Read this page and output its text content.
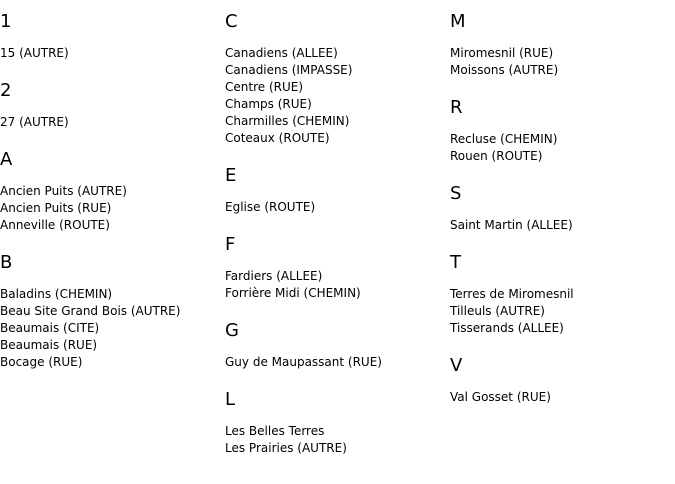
1
15 (AUTRE)
2
27 (AUTRE)
A
Ancien Puits (AUTRE)
Ancien Puits (RUE)
Anneville (ROUTE)
B
Baladins (CHEMIN)
Beau Site Grand Bois (AUTRE)
Beaumais (CITE)
Beaumais (RUE)
Bocage (RUE)
C
Canadiens (ALLEE)
Canadiens (IMPASSE)
Centre (RUE)
Champs (RUE)
Charmilles (CHEMIN)
Coteaux (ROUTE)
E
Eglise (ROUTE)
F
Fardiers (ALLEE)
Forrière Midi (CHEMIN)
G
Guy de Maupassant (RUE)
L
Les Belles Terres
Les Prairies (AUTRE)
M
Miromesnil (RUE)
Moissons (AUTRE)
R
Recluse (CHEMIN)
Rouen (ROUTE)
S
Saint Martin (ALLEE)
T
Terres de Miromesnil
Tilleuls (AUTRE)
Tisserands (ALLEE)
V
Val Gosset (RUE)
